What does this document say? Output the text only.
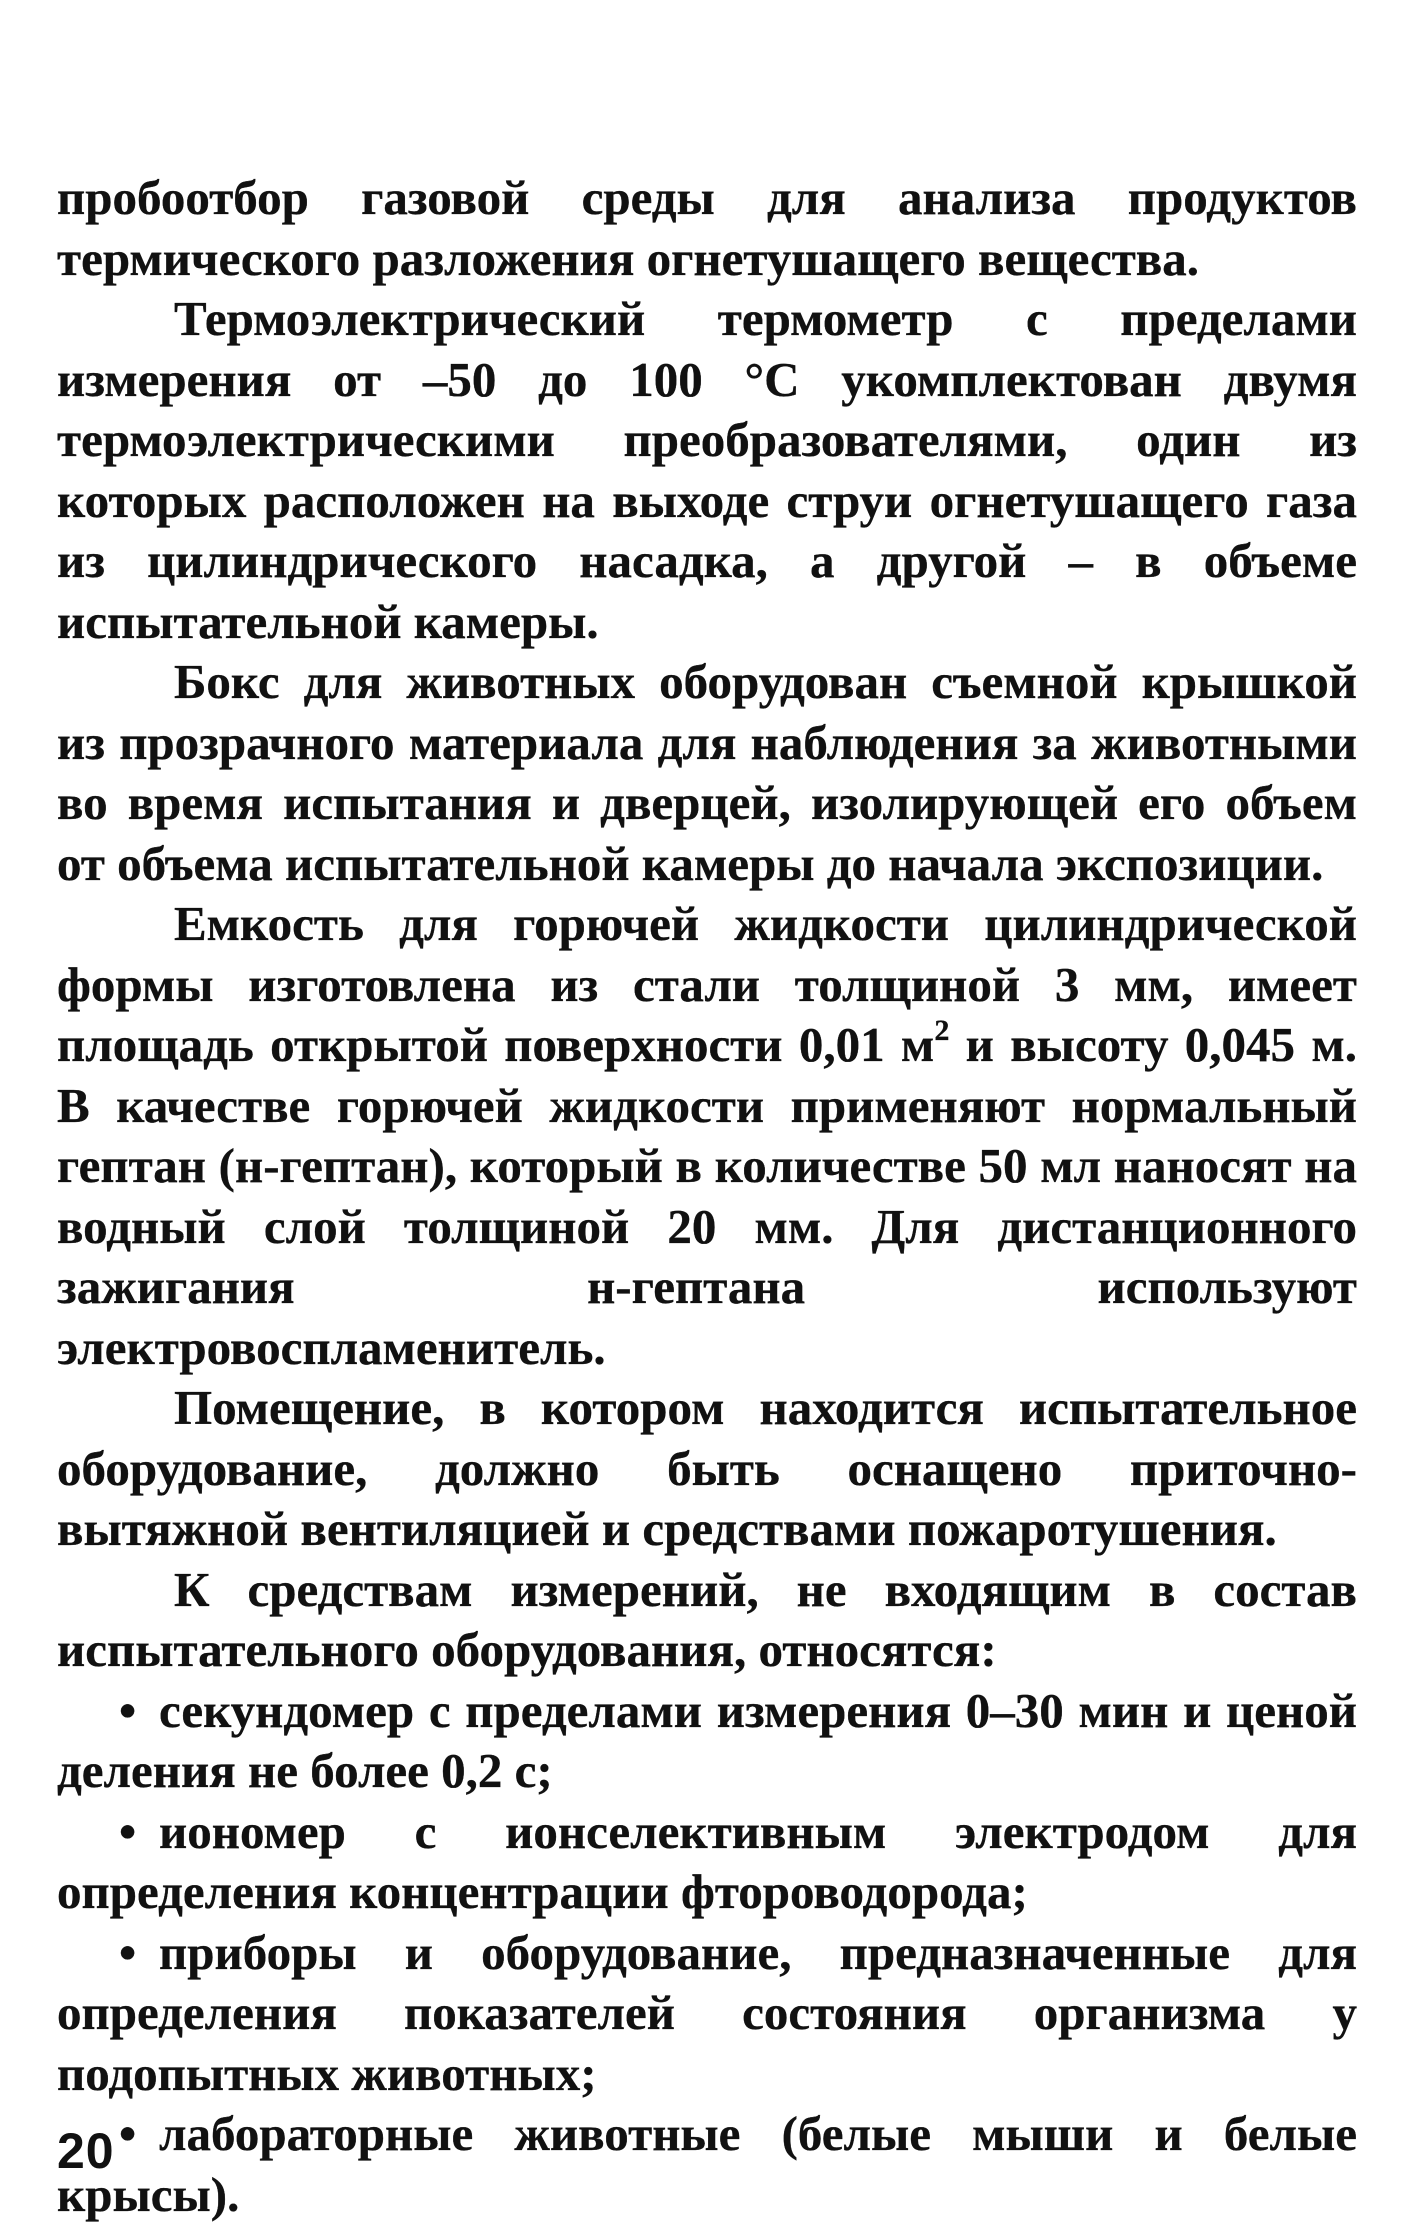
пробоотбор газовой среды для анализа продуктов термического разложения огнетушащего вещества.

Термоэлектрический термометр с пределами измерения от –50 до 100 °С укомплектован двумя термоэлектрическими преобразователями, один из которых расположен на выходе струи огнетушащего газа из цилиндрического насадка, а другой – в объеме испытательной камеры.

Бокс для животных оборудован съемной крышкой из прозрачного материала для наблюдения за животными во время испытания и дверцей, изолирующей его объем от объема испытательной камеры до начала экспозиции.

Емкость для горючей жидкости цилиндрической формы изготовлена из стали толщиной 3 мм, имеет площадь открытой поверхности 0,01 $м^2$ и высоту 0,045 м. В качестве горючей жидкости применяют нормальный гептан (н-гептан), который в количестве 50 мл наносят на водный слой толщиной 20 мм. Для дистанционного зажигания н-гептана используют электровоспламенитель.

Помещение, в котором находится испытательное оборудование, должно быть оснащено приточно-вытяжной вентиляцией и средствами пожаротушения.

К средствам измерений, не входящим в состав испытательного оборудования, относятся:

• секундомер с пределами измерения 0–30 мин и ценой деления не более 0,2 с;

• иономер с ионселективным электродом для определения концентрации фтороводорода;

• приборы и оборудование, предназначенные для определения показателей состояния организма у подопытных животных;

• лабораторные животные (белые мыши и белые крысы).

20
